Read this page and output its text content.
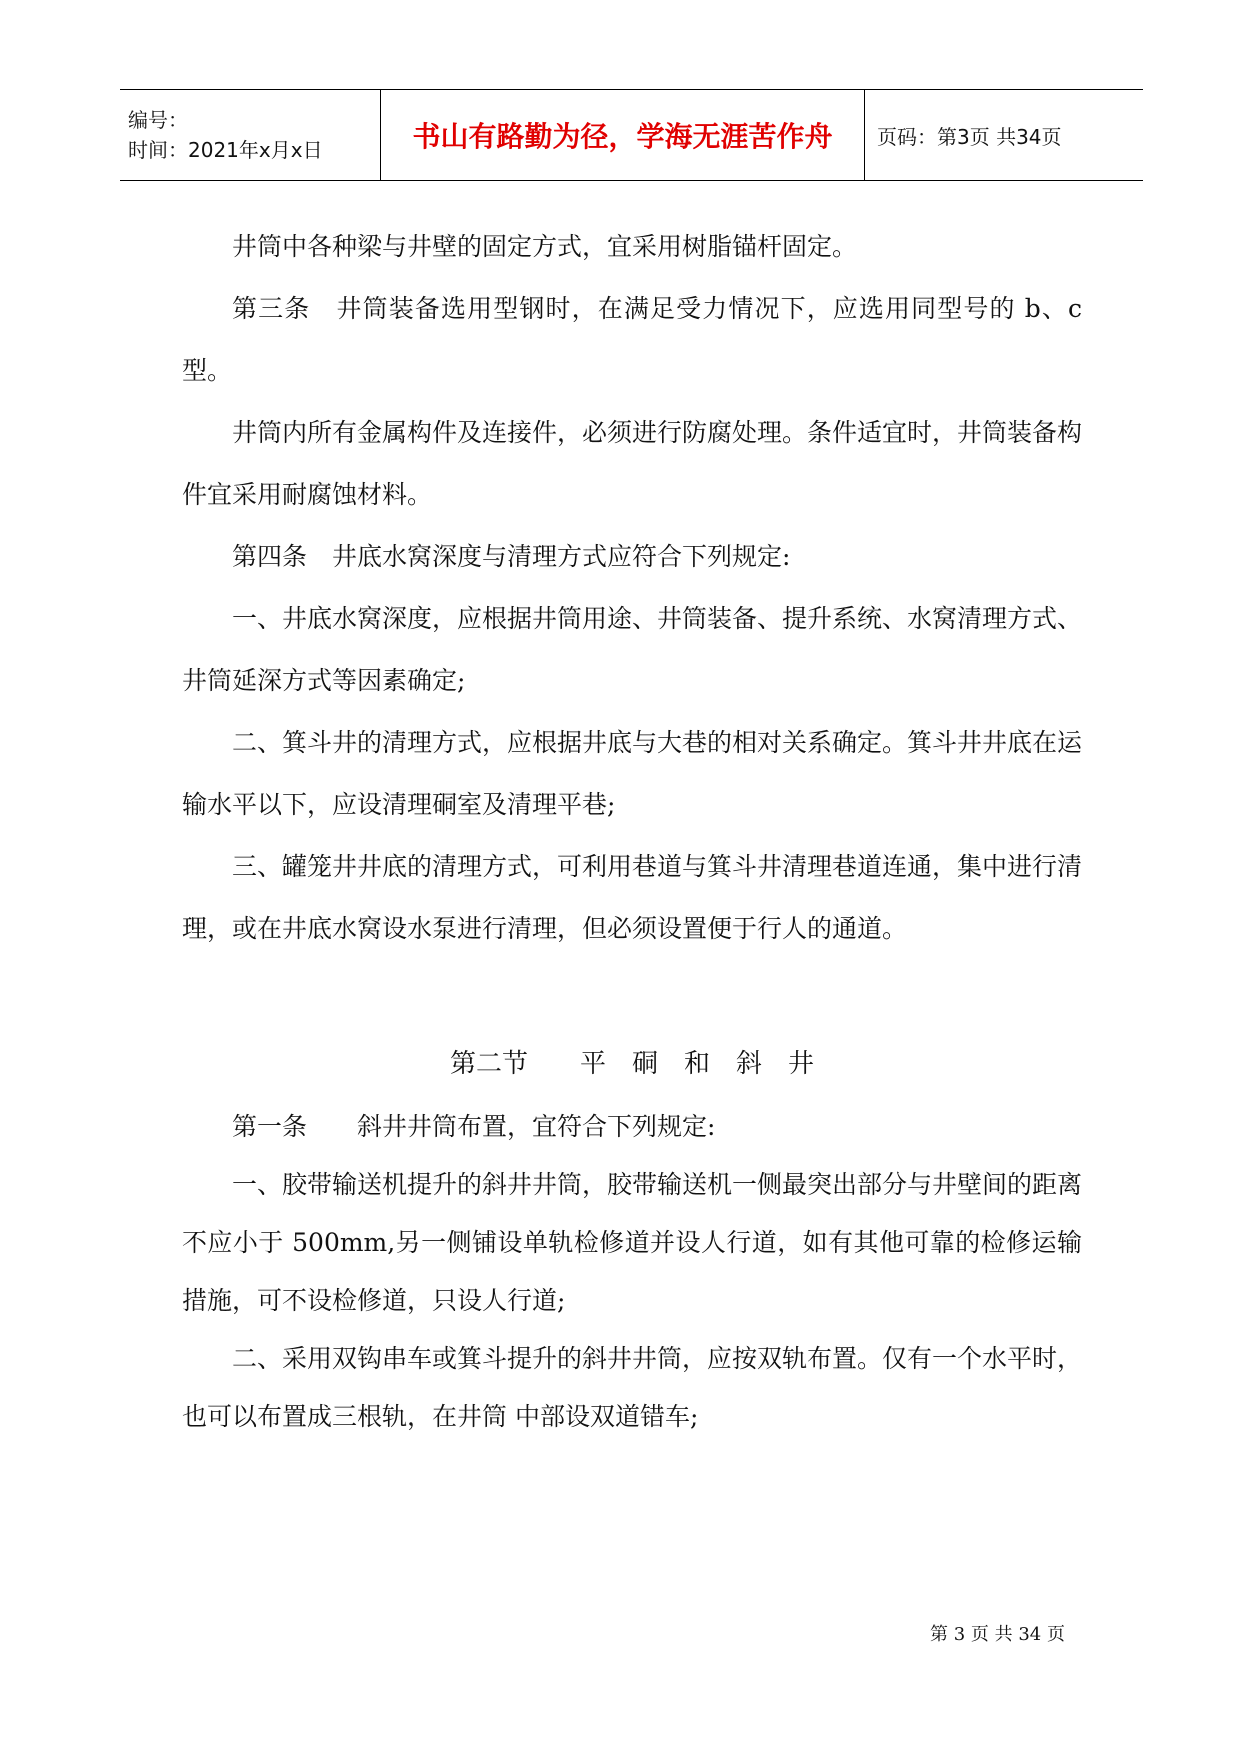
编号：
时间：2021年x月x日	书山有路勤为径，学海无涯苦作舟 页码：第3页 共34页

井筒中各种梁与井壁的固定方式，宜采用树脂锚杆固定。

第三条　井筒装备选用型钢时，在满足受力情况下，应选用同型号的 b、c 型。

井筒内所有金属构件及连接件，必须进行防腐处理。条件适宜时，井筒装备构件宜采用耐腐蚀材料。

第四条　井底水窝深度与清理方式应符合下列规定:

一、井底水窝深度，应根据井筒用途、井筒装备、提升系统、水窝清理方式、井筒延深方式等因素确定;

二、箕斗井的清理方式，应根据井底与大巷的相对关系确定。箕斗井井底在运输水平以下，应设清理硐室及清理平巷;

三、罐笼井井底的清理方式，可利用巷道与箕斗井清理巷道连通，集中进行清理，或在井底水窝设水泵进行清理，但必须设置便于行人的通道。

第二节　　平　硐　和　斜　井

第一条　　斜井井筒布置，宜符合下列规定:

一、胶带输送机提升的斜井井筒，胶带输送机一侧最突出部分与井壁间的距离不应小于 500mm,另一侧铺设单轨检修道并设人行道，如有其他可靠的检修运输措施，可不设检修道，只设人行道;

二、采用双钩串车或箕斗提升的斜井井筒，应按双轨布置。仅有一个水平时，也可以布置成三根轨，在井筒 中部设双道错车;

第 3 页 共 34 页
